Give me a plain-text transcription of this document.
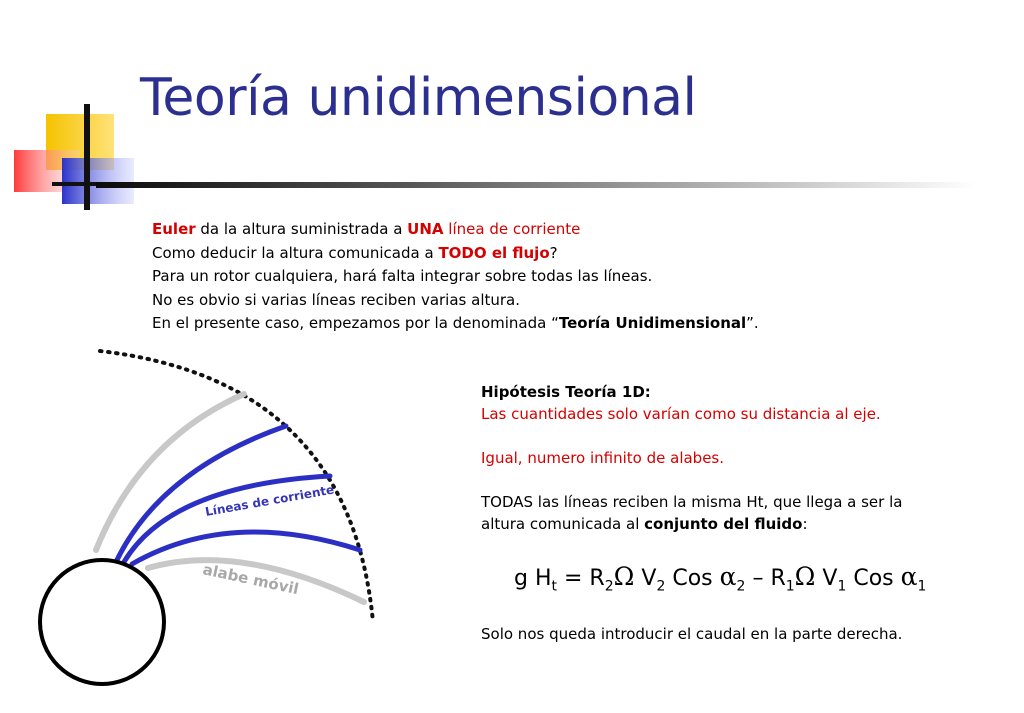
Teoría unidimensional

Euler da la altura suministrada a UNA línea de corriente

Como deducir la altura comunicada a TODO el flujo?

Para un rotor cualquiera, hará falta integrar sobre todas las líneas.

No es obvio si varias líneas reciben varias altura.

En el presente caso, empezamos por la denominada “Teoría Unidimensional”.

Líneas de corriente
alabe móvil

Hipótesis Teoría 1D:

Las cuantidades solo varían como su distancia al eje.

Igual, numero infinito de alabes.

TODAS las líneas reciben la misma Ht, que llega a ser la

altura comunicada al conjunto del fluido:

g $H_t = R_2\Omega$ $V_2$ Cos $\alpha_2 - R_1\Omega$ $V_1$ Cos $\alpha_1$
Solo nos queda introducir el caudal en la parte derecha.
